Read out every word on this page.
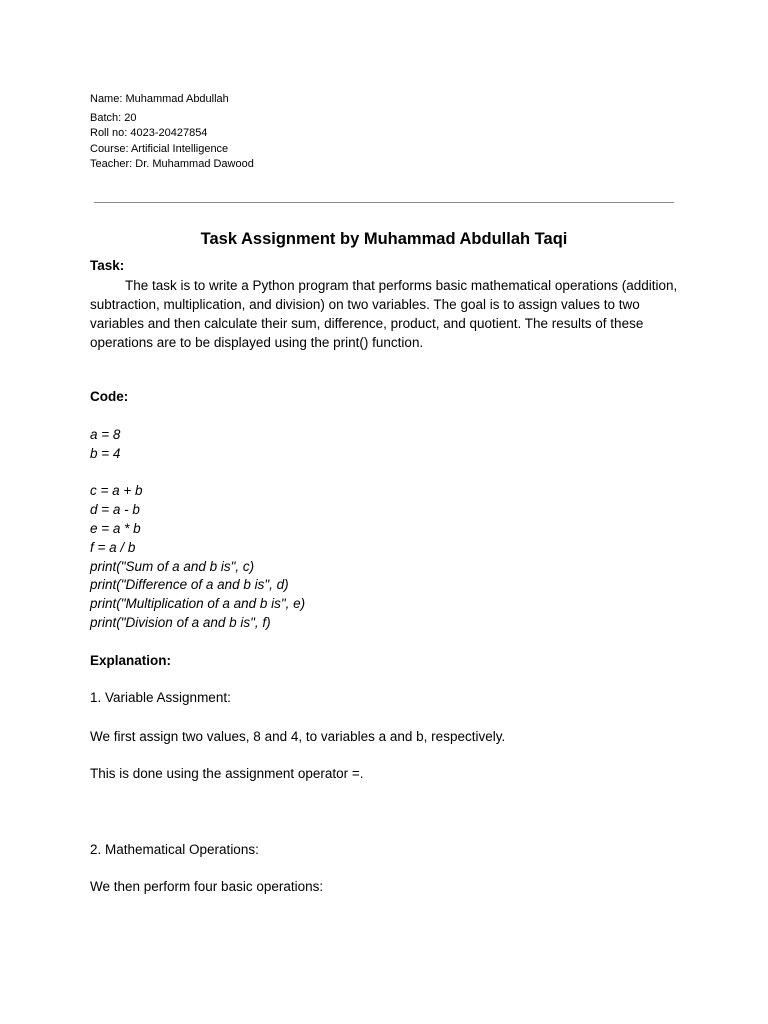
Name: Muhammad Abdullah
Batch: 20
Roll no: 4023-20427854
Course: Artificial Intelligence
Teacher: Dr. Muhammad Dawood
Task Assignment by Muhammad Abdullah Taqi
Task:
The task is to write a Python program that performs basic mathematical operations (addition, subtraction, multiplication, and division) on two variables. The goal is to assign values to two variables and then calculate their sum, difference, product, and quotient. The results of these operations are to be displayed using the print() function.
Code:
a = 8
b = 4
c = a + b
d = a - b
e = a * b
f = a / b
print("Sum of a and b is", c)
print("Difference of a and b is", d)
print("Multiplication of a and b is", e)
print("Division of a and b is", f)
Explanation:
1. Variable Assignment:
We first assign two values, 8 and 4, to variables a and b, respectively.
This is done using the assignment operator =.
2. Mathematical Operations:
We then perform four basic operations:
